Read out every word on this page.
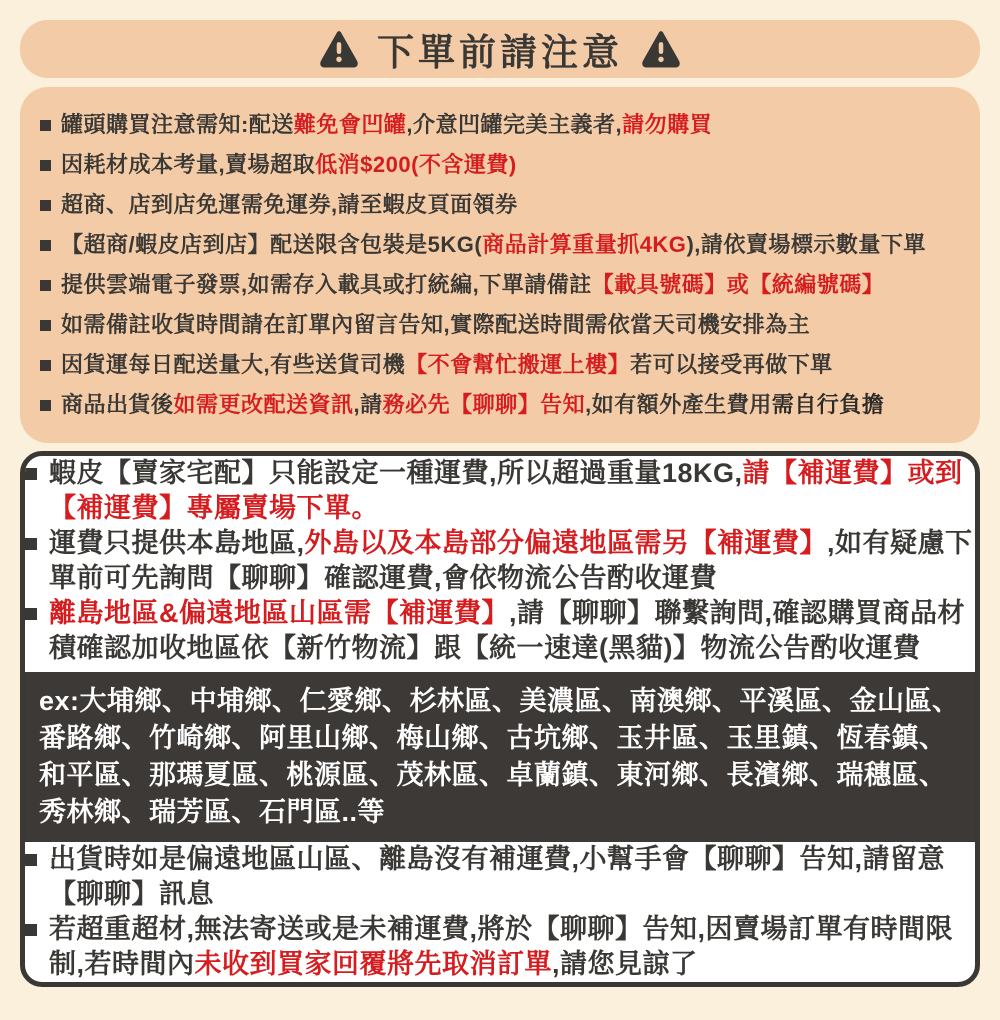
下單前請注意
罐頭購買注意需知:配送難免會凹罐,介意凹罐完美主義者,請勿購買
因耗材成本考量,賣場超取低消$200(不含運費)
超商、店到店免運需免運券,請至蝦皮頁面領券
【超商/蝦皮店到店】配送限含包裝是5KG(商品計算重量抓4KG),請依賣場標示數量下單
提供雲端電子發票,如需存入載具或打統編,下單請備註【載具號碼】或【統編號碼】
如需備註收貨時間請在訂單內留言告知,實際配送時間需依當天司機安排為主
因貨運每日配送量大,有些送貨司機【不會幫忙搬運上樓】若可以接受再做下單
商品出貨後如需更改配送資訊,請務必先【聊聊】告知,如有額外產生費用需自行負擔
蝦皮【賣家宅配】只能設定一種運費,所以超過重量18KG,請【補運費】或到【補運費】專屬賣場下單。
運費只提供本島地區,外島以及本島部分偏遠地區需另【補運費】,如有疑慮下單前可先詢問【聊聊】確認運費,會依物流公告酌收運費
離島地區&偏遠地區山區需【補運費】,請【聊聊】聯繫詢問,確認購買商品材積確認加收地區依【新竹物流】跟【統一速達(黑貓)】物流公告酌收運費

ex:大埔鄉、中埔鄉、仁愛鄉、杉林區、美濃區、南澳鄉、平溪區、金山區、番路鄉、竹崎鄉、阿里山鄉、梅山鄉、古坑鄉、玉井區、玉里鎮、恆春鎮、和平區、那瑪夏區、桃源區、茂林區、卓蘭鎮、東河鄉、長濱鄉、瑞穗區、秀林鄉、瑞芳區、石門區..等

出貨時如是偏遠地區山區、離島沒有補運費,小幫手會【聊聊】告知,請留意【聊聊】訊息
若超重超材,無法寄送或是未補運費,將於【聊聊】告知,因賣場訂單有時間限制,若時間內未收到買家回覆將先取消訂單,請您見諒了
